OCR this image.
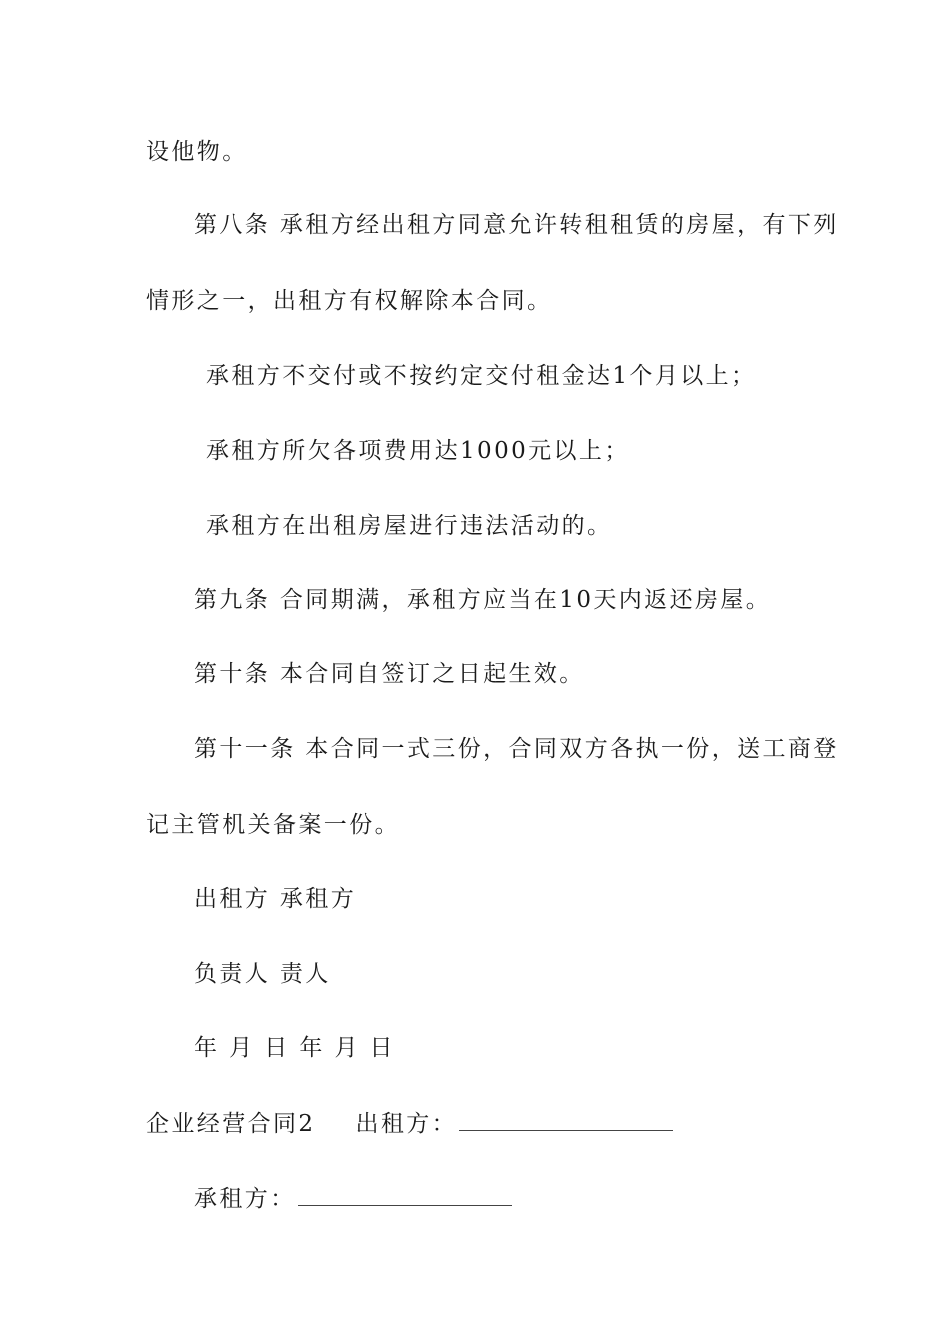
设他物。
第八条 承租方经出租方同意允许转租租赁的房屋，有下列
情形之一，出租方有权解除本合同。
承租方不交付或不按约定交付租金达1个月以上；
承租方所欠各项费用达1000元以上；
承租方在出租房屋进行违法活动的。
第九条 合同期满，承租方应当在10天内返还房屋。
第十条 本合同自签订之日起生效。
第十一条 本合同一式三份，合同双方各执一份，送工商登
记主管机关备案一份。
出租方 承租方
负责人 责人
年 月 日 年 月 日
企业经营合同2 出租方：
承租方：
